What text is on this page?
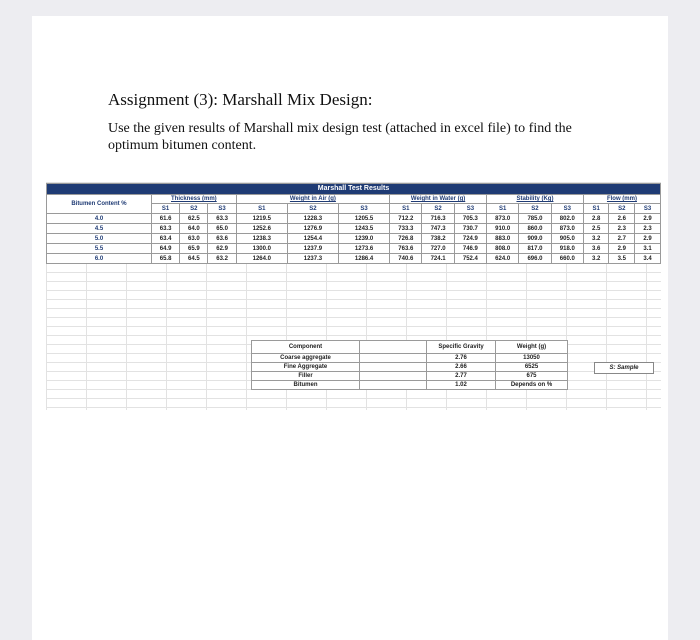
Assignment (3): Marshall Mix Design:

Use the given results of Marshall mix design test (attached in excel file) to find the optimum bitumen content.

Marshall Test Results															
Bitumen Content %	Thickness (mm)			Weight in Air (g)			Weight in Water (g)			Stability (Kg)			Flow (mm)		
	S1	S2	S3	S1	S2	S3	S1	S2	S3	S1	S2	S3	S1	S2	S3
4.0	61.6	62.5	63.3	1219.5	1228.3	1205.5	712.2	716.3	705.3	873.0	785.0	802.0	2.8	2.6	2.9
4.5	63.3	64.0	65.0	1252.6	1276.9	1243.5	733.3	747.3	730.7	910.0	860.0	873.0	2.5	2.3	2.3
5.0	63.4	63.0	63.6	1238.3	1254.4	1239.0	726.8	738.2	724.9	883.0	909.0	905.0	3.2	2.7	2.9
5.5	64.9	65.9	62.9	1300.0	1237.9	1273.6	763.6	727.0	746.9	808.0	817.0	918.0	3.6	2.9	3.1
6.0	65.8	64.5	63.2	1264.0	1237.3	1286.4	740.6	724.1	752.4	624.0	696.0	660.0	3.2	3.5	3.4
Component		Specific Gravity	Weight (g)
Coarse aggregate		2.76	13050
Fine Aggregate		2.66	6525
Filler		2.77	675
Bitumen		1.02	Depends on %
S: Sample
